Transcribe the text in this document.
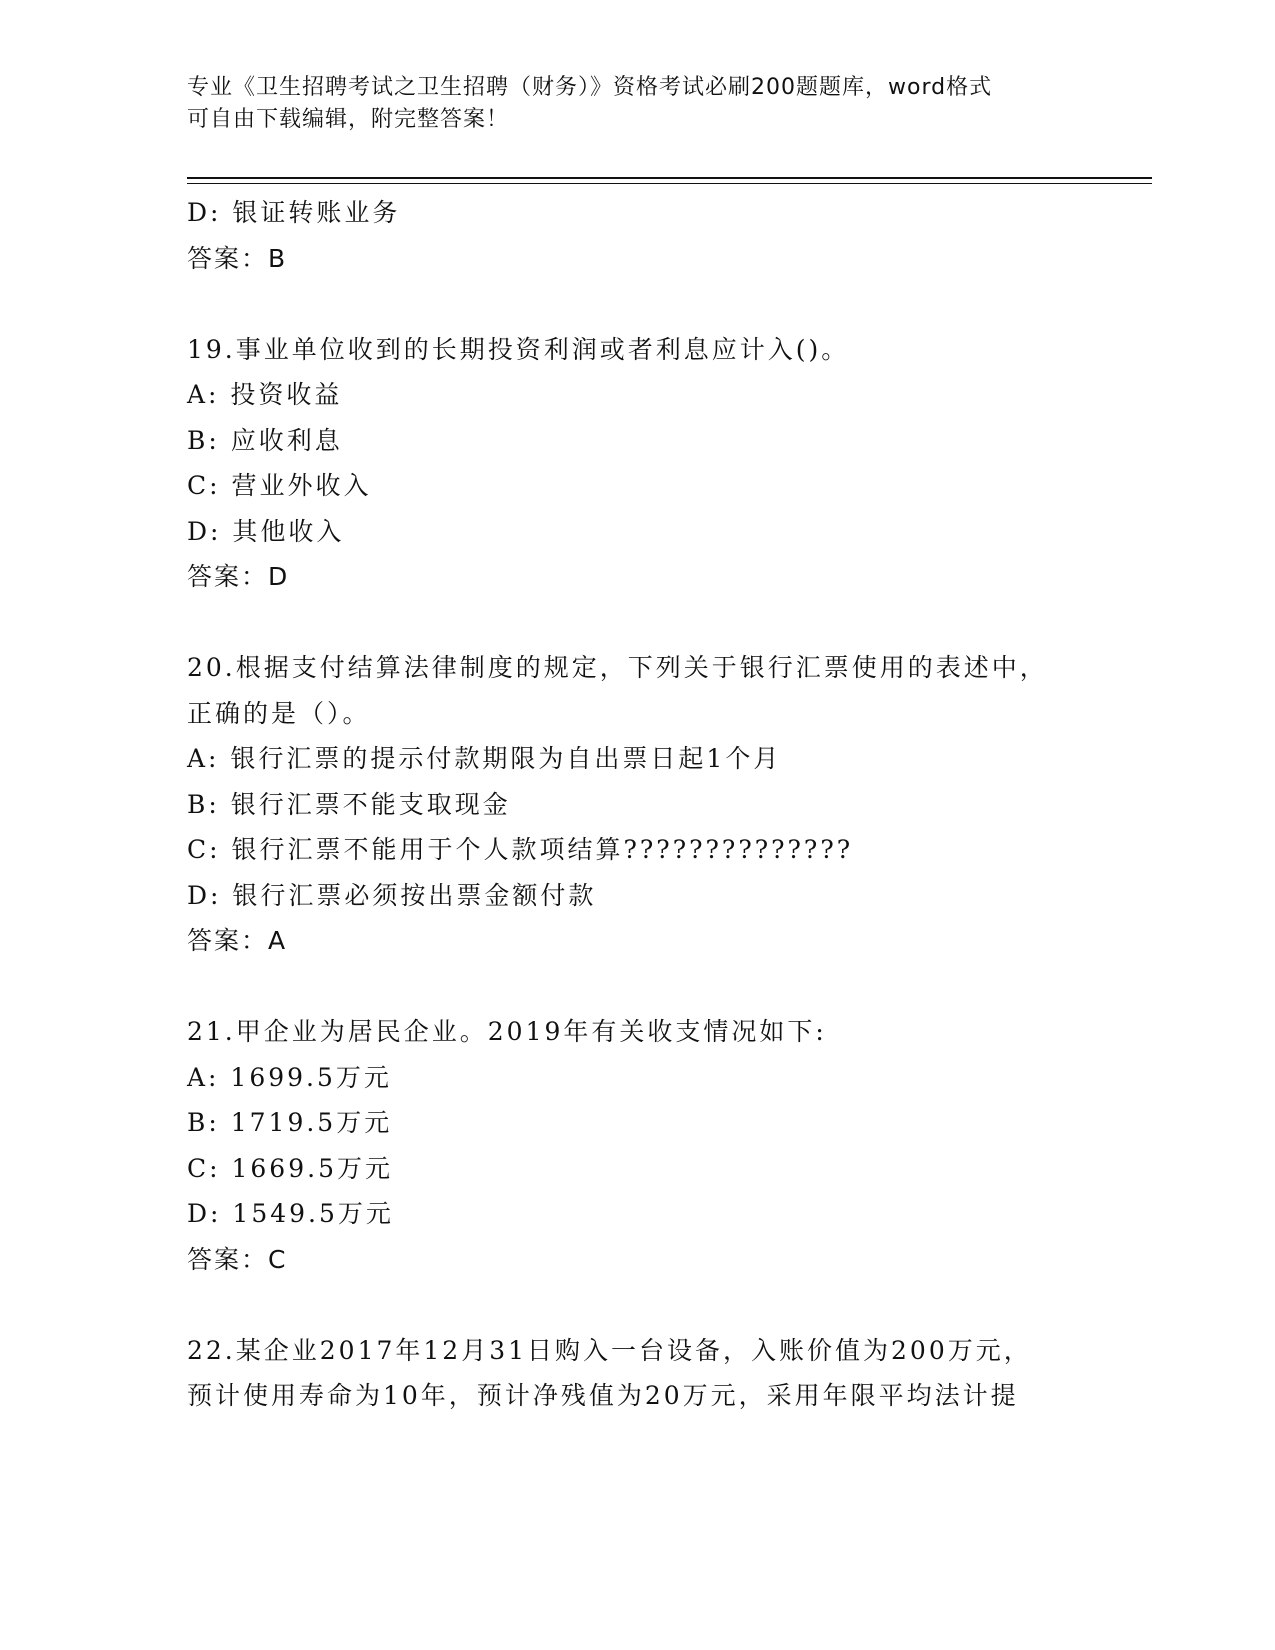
专业《卫生招聘考试之卫生招聘（财务）》资格考试必刷200题题库，word格式
可自由下载编辑，附完整答案！
D: 银证转账业务
答案：B
19.事业单位收到的长期投资利润或者利息应计入()。
A: 投资收益
B: 应收利息
C: 营业外收入
D: 其他收入
答案：D
20.根据支付结算法律制度的规定，下列关于银行汇票使用的表述中，
正确的是（）。
A: 银行汇票的提示付款期限为自出票日起1个月
B: 银行汇票不能支取现金
C: 银行汇票不能用于个人款项结算??????????????
D: 银行汇票必须按出票金额付款
答案：A
21.甲企业为居民企业。2019年有关收支情况如下:
A: 1699.5万元
B: 1719.5万元
C: 1669.5万元
D: 1549.5万元
答案：C
22.某企业2017年12月31日购入一台设备，入账价值为200万元，
预计使用寿命为10年，预计净残值为20万元，采用年限平均法计提
